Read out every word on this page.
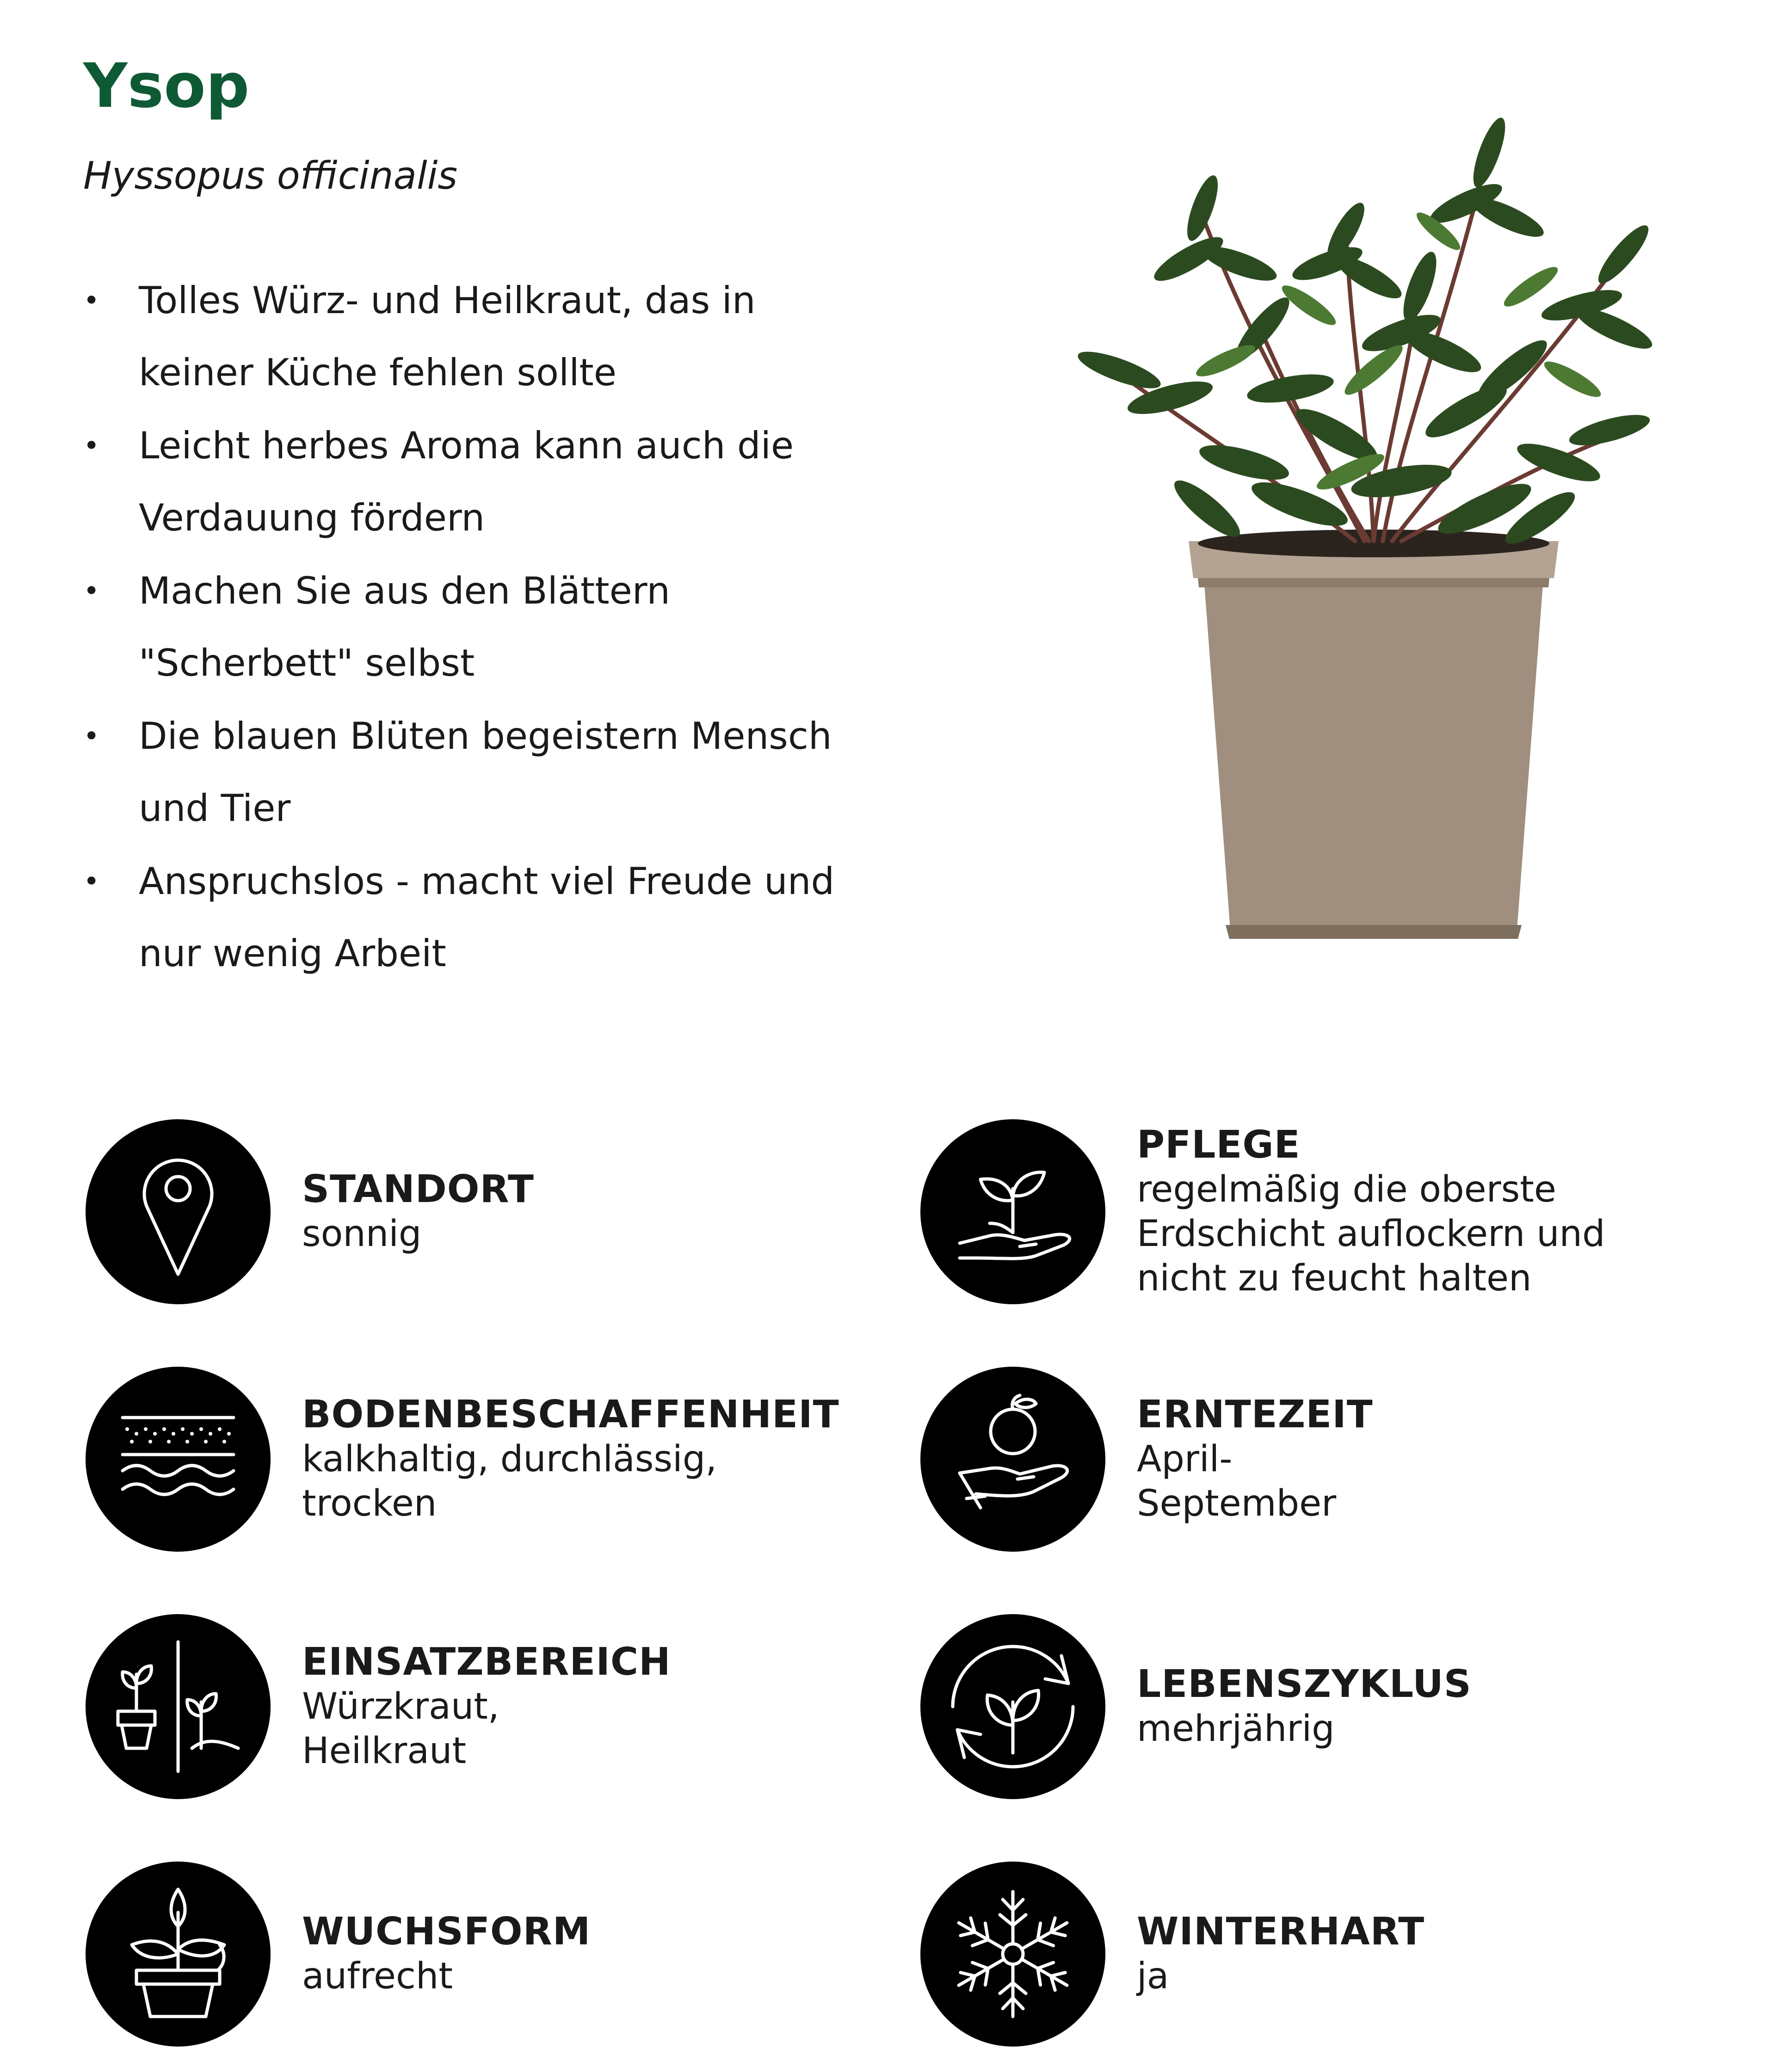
Ysop

Hyssopus officinalis

• Tolles Würz- und Heilkraut, das in keiner Küche fehlen sollte
• Leicht herbes Aroma kann auch die Verdauung fördern
• Machen Sie aus den Blättern "Scherbett" selbst
• Die blauen Blüten begeistern Mensch und Tier
• Anspruchslos - macht viel Freude und nur wenig Arbeit
STANDORT
sonnig
PFLEGE
regelmäßig die oberste Erdschicht auflockern und nicht zu feucht halten
BODENBESCHAFFENHEIT
kalkhaltig, durchlässig, trocken
ERNTEZEIT
April-September
EINSATZBEREICH
Würzkraut, Heilkraut
LEBENSZYKLUS
mehrjährig
WUCHSFORM
aufrecht
WINTERHART
ja
